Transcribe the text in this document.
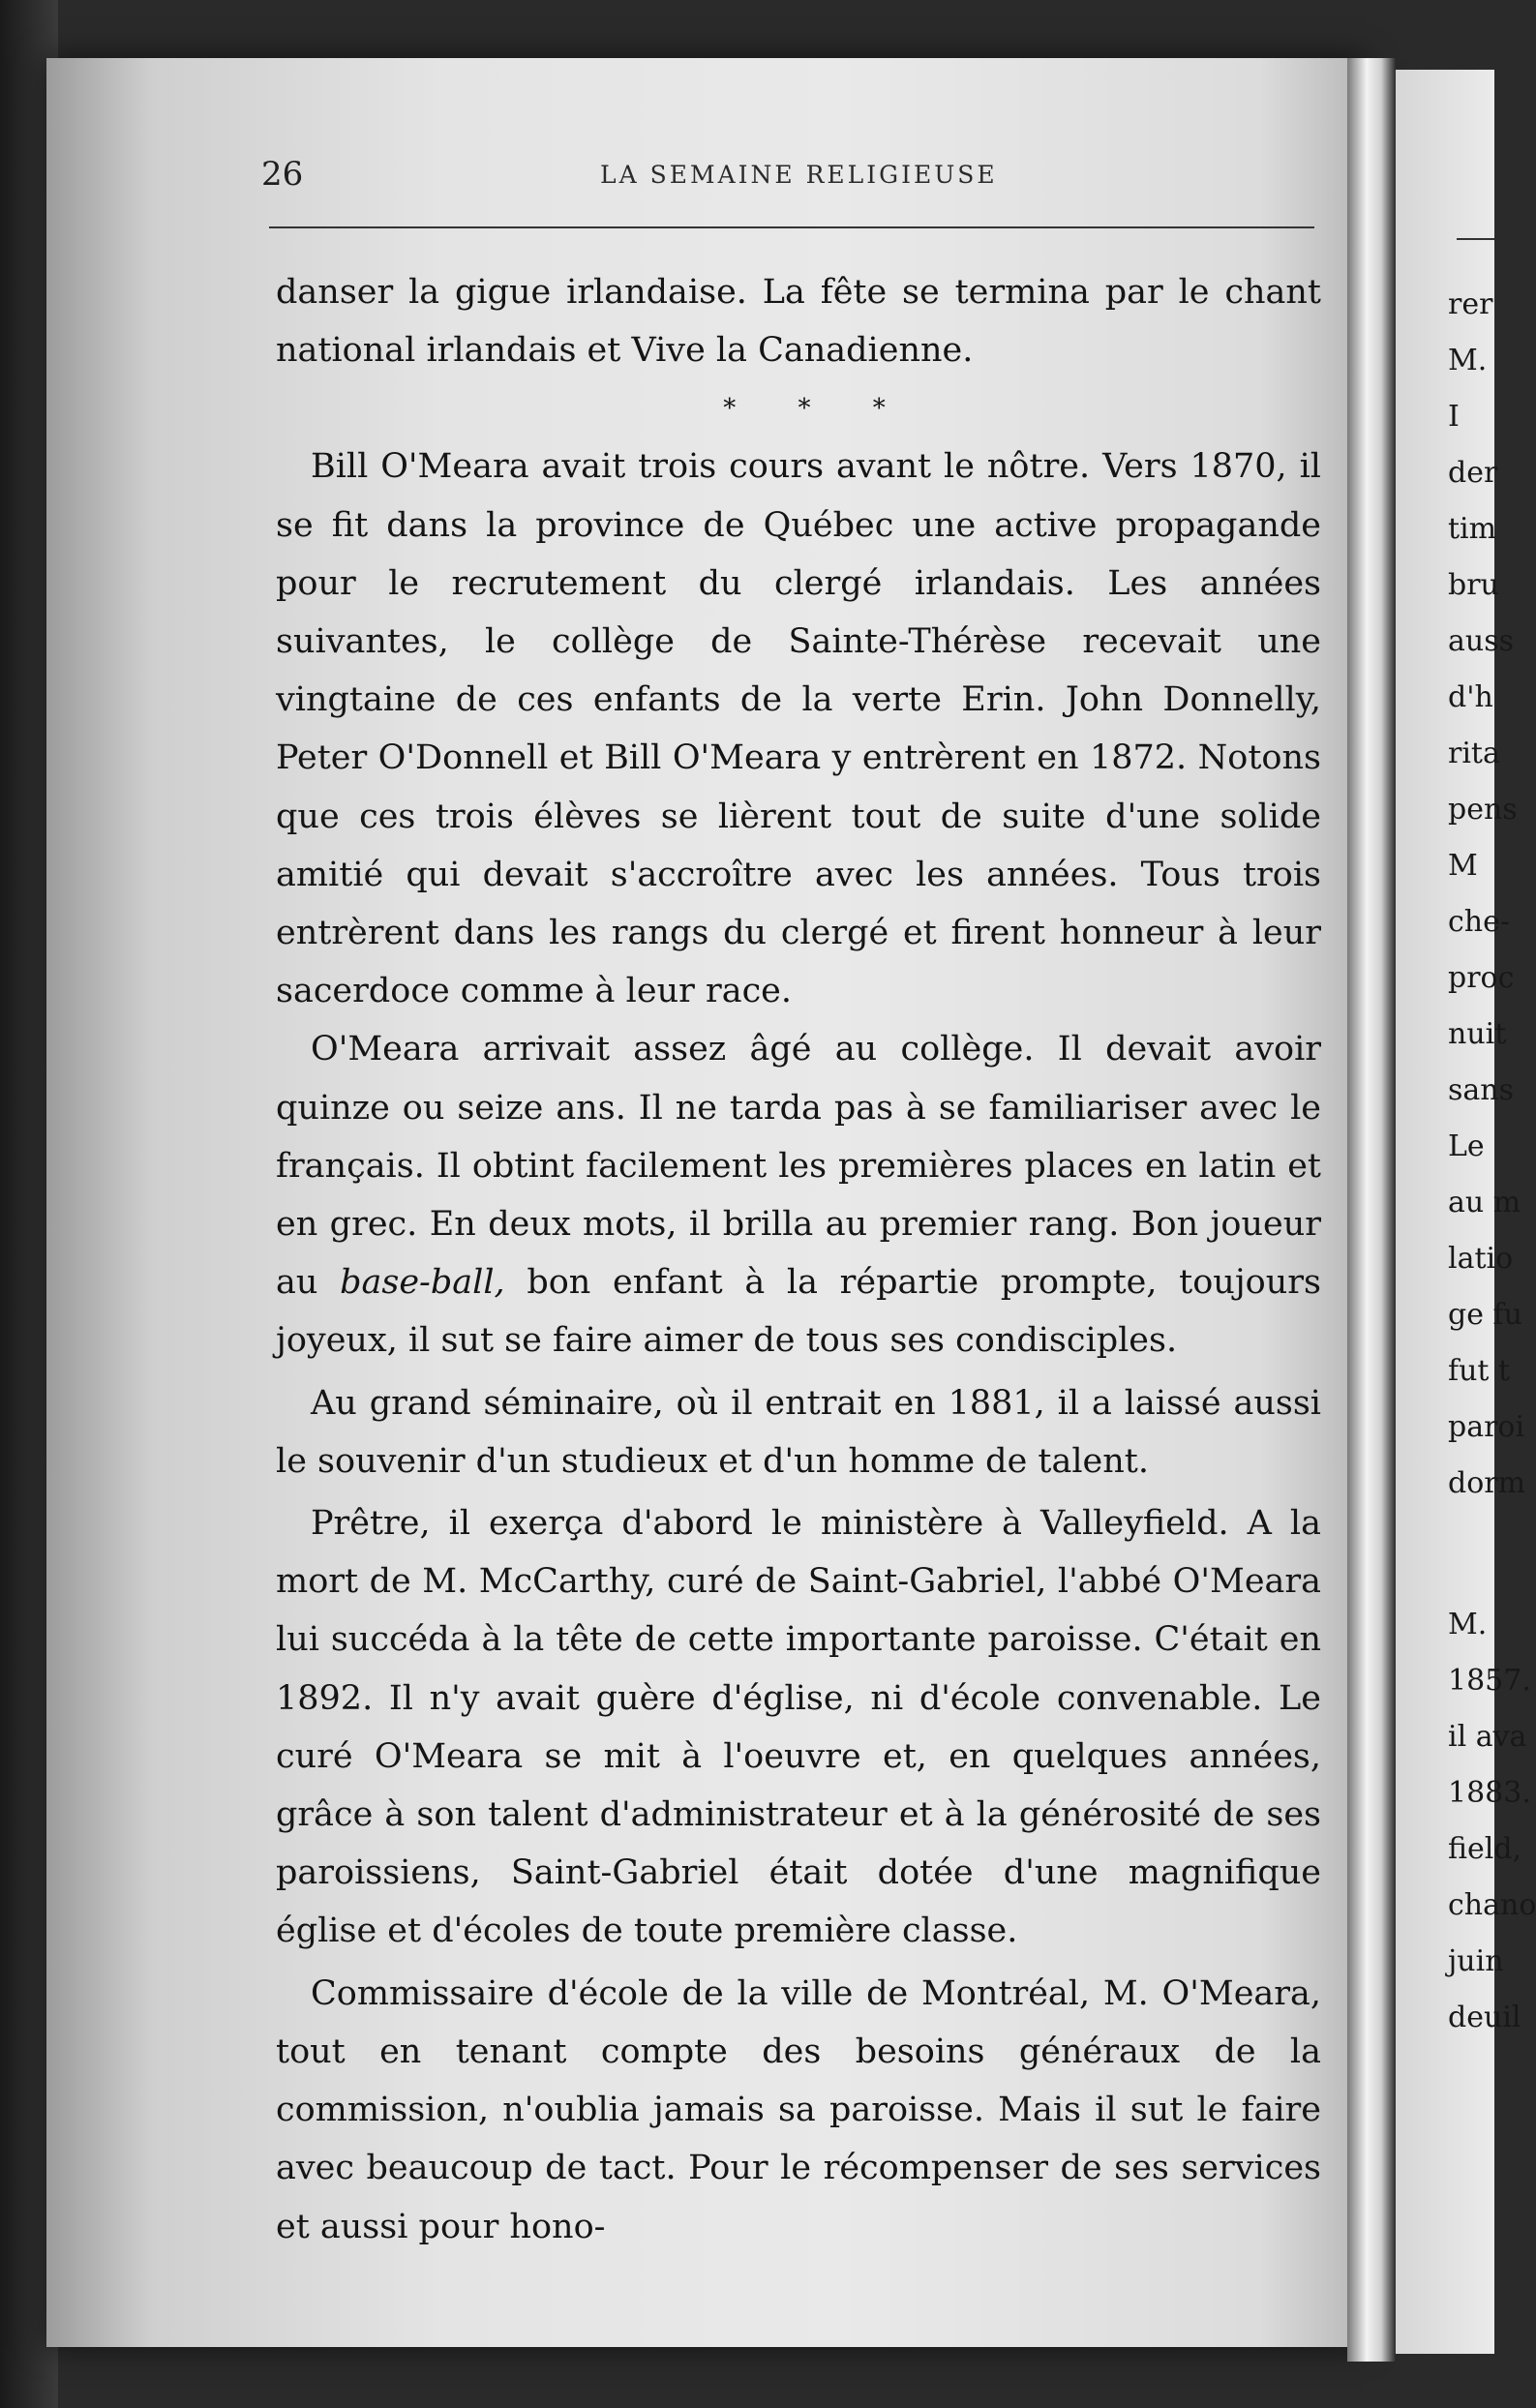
26	LA SEMAINE RELIGIEUSE

danser la gigue irlandaise. La fête se termina par le chant national irlandais et Vive la Canadienne.

* * *

Bill O'Meara avait trois cours avant le nôtre. Vers 1870, il se fit dans la province de Québec une active propagande pour le recrutement du clergé irlandais. Les années suivantes, le collège de Sainte-Thérèse recevait une vingtaine de ces enfants de la verte Erin. John Donnelly, Peter O'Donnell et Bill O'Meara y entrèrent en 1872. Notons que ces trois élèves se lièrent tout de suite d'une solide amitié qui devait s'accroître avec les années. Tous trois entrèrent dans les rangs du clergé et firent honneur à leur sacerdoce comme à leur race.

O'Meara arrivait assez âgé au collège. Il devait avoir quinze ou seize ans. Il ne tarda pas à se familiariser avec le français. Il obtint facilement les premières places en latin et en grec. En deux mots, il brilla au premier rang. Bon joueur au base-ball, bon enfant à la répartie prompte, toujours joyeux, il sut se faire aimer de tous ses condisciples.

Au grand séminaire, où il entrait en 1881, il a laissé aussi le souvenir d'un studieux et d'un homme de talent.

Prêtre, il exerça d'abord le ministère à Valleyfield. A la mort de M. McCarthy, curé de Saint-Gabriel, l'abbé O'Meara lui succéda à la tête de cette importante paroisse. C'était en 1892. Il n'y avait guère d'église, ni d'école convenable. Le curé O'Meara se mit à l'oeuvre et, en quelques années, grâce à son talent d'administrateur et à la générosité de ses paroissiens, Saint-Gabriel était dotée d'une magnifique église et d'écoles de toute première classe.

Commissaire d'école de la ville de Montréal, M. O'Meara, tout en tenant compte des besoins généraux de la commission, n'oublia jamais sa paroisse. Mais il sut le faire avec beaucoup de tact. Pour le récompenser de ses services et aussi pour hono-

rer
M.
I
der
tim
bru
auss
d'h
rita
pens
M
che-
proc
nuit
sans
Le
au m
latio
ge fu
fut t
paroi
dorm
M.
1857.
il ava
1883.
field,
chano
juin
deuil
